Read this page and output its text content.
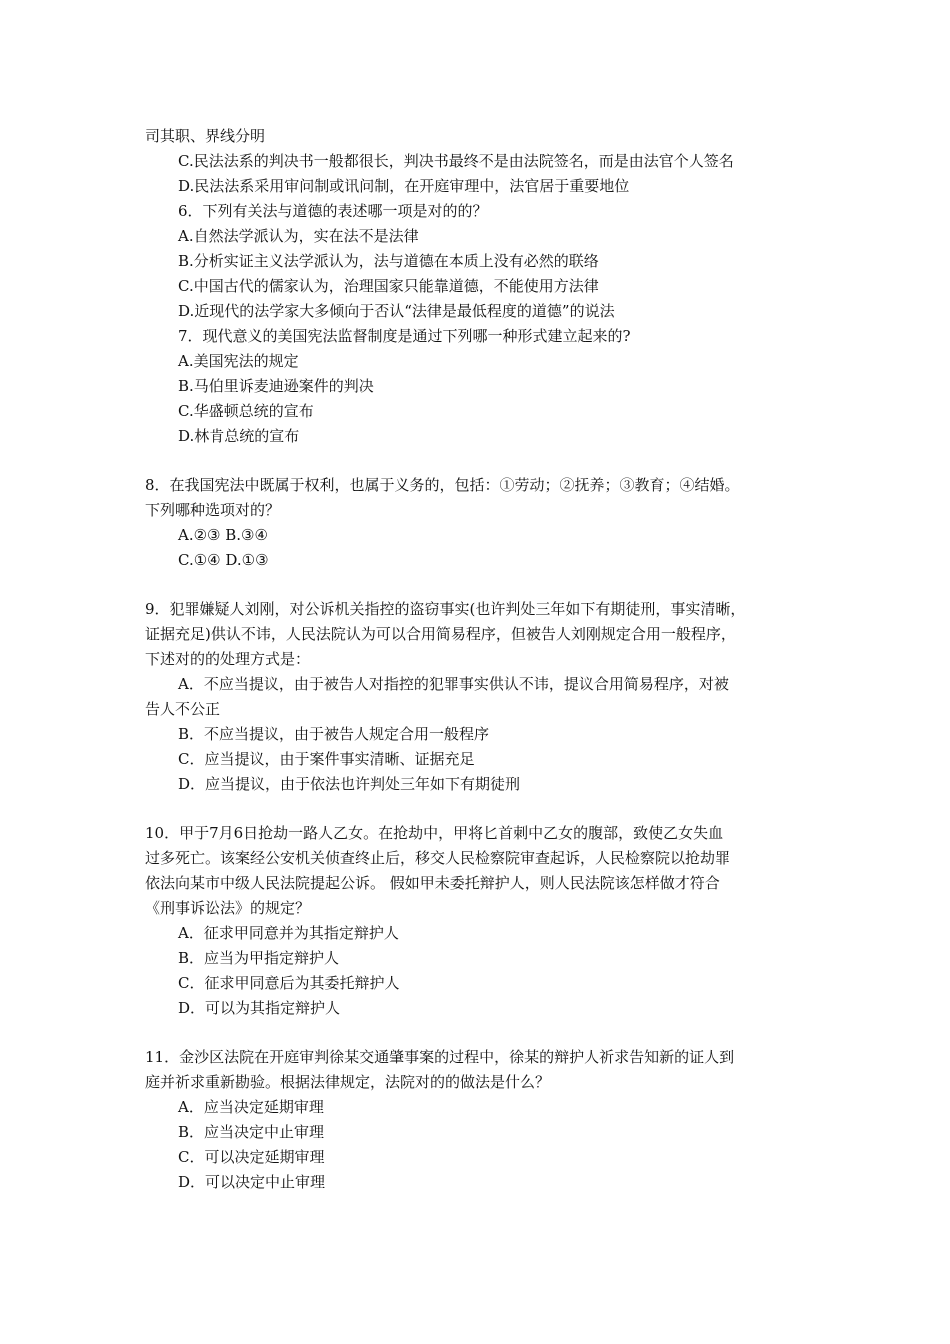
司其职、界线分明
C.民法法系的判决书一般都很长，判决书最终不是由法院签名，而是由法官个人签名
D.民法法系采用审问制或讯问制，在开庭审理中，法官居于重要地位
6．下列有关法与道德的表述哪一项是对的的？
A.自然法学派认为，实在法不是法律
B.分析实证主义法学派认为，法与道德在本质上没有必然的联络
C.中国古代的儒家认为，治理国家只能靠道德，不能使用方法律
D.近现代的法学家大多倾向于否认“法律是最低程度的道德”的说法
7．现代意义的美国宪法监督制度是通过下列哪一种形式建立起来的?
A.美国宪法的规定
B.马伯里诉麦迪逊案件的判决
C.华盛顿总统的宣布
D.林肯总统的宣布
8．在我国宪法中既属于权利，也属于义务的，包括：①劳动；②抚养；③教育；④结婚。
下列哪种选项对的？
A.②③ B.③④
C.①④ D.①③
9．犯罪嫌疑人刘刚，对公诉机关指控的盗窃事实(也许判处三年如下有期徒刑，事实清晰，
证据充足)供认不讳，人民法院认为可以合用简易程序，但被告人刘刚规定合用一般程序，
下述对的的处理方式是：
A．不应当提议，由于被告人对指控的犯罪事实供认不讳，提议合用简易程序，对被
告人不公正
B．不应当提议，由于被告人规定合用一般程序
C．应当提议，由于案件事实清晰、证据充足
D．应当提议，由于依法也许判处三年如下有期徒刑
10．甲于7月6日抢劫一路人乙女。在抢劫中，甲将匕首刺中乙女的腹部，致使乙女失血
过多死亡。该案经公安机关侦查终止后，移交人民检察院审查起诉，人民检察院以抢劫罪
依法向某市中级人民法院提起公诉。 假如甲未委托辩护人，则人民法院该怎样做才符合
《刑事诉讼法》的规定？
A．征求甲同意并为其指定辩护人
B．应当为甲指定辩护人
C．征求甲同意后为其委托辩护人
D．可以为其指定辩护人
11．金沙区法院在开庭审判徐某交通肇事案的过程中，徐某的辩护人祈求告知新的证人到
庭并祈求重新勘验。根据法律规定，法院对的的做法是什么？
A．应当决定延期审理
B．应当决定中止审理
C．可以决定延期审理
D．可以决定中止审理
